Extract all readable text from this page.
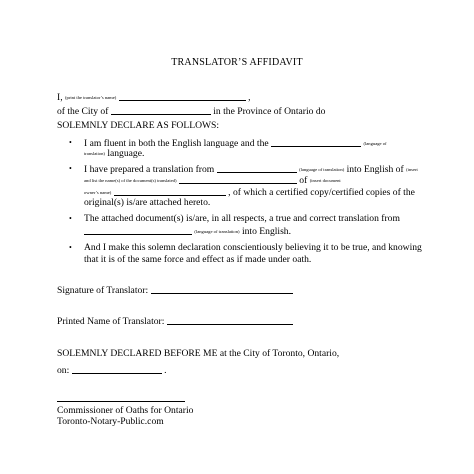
TRANSLATOR’S AFFIDAVIT
I, (print the translator’s name)	,
of the City of	in the Province of Ontario do
SOLEMNLY DECLARE AS FOLLOWS:
• I am fluent in both the English language and the	(language of
translation) language.
• I have prepared a translation from	(language of translation) into English of (insert
and list the name(s) of the document(s) translated)	of (insert document
owner’s name)	, of which a certified copy/certified copies of the
original(s) is/are attached hereto.
• The attached document(s) is/are, in all respects, a true and correct translation from
(language of translation) into English.
• And I make this solemn declaration conscientiously believing it to be true, and knowing
that it is of the same force and effect as if made under oath.
Signature of Translator:
Printed Name of Translator:
SOLEMNLY DECLARED BEFORE ME at the City of Toronto, Ontario,
on:	.
Commissioner of Oaths for Ontario
Toronto-Notary-Public.com
